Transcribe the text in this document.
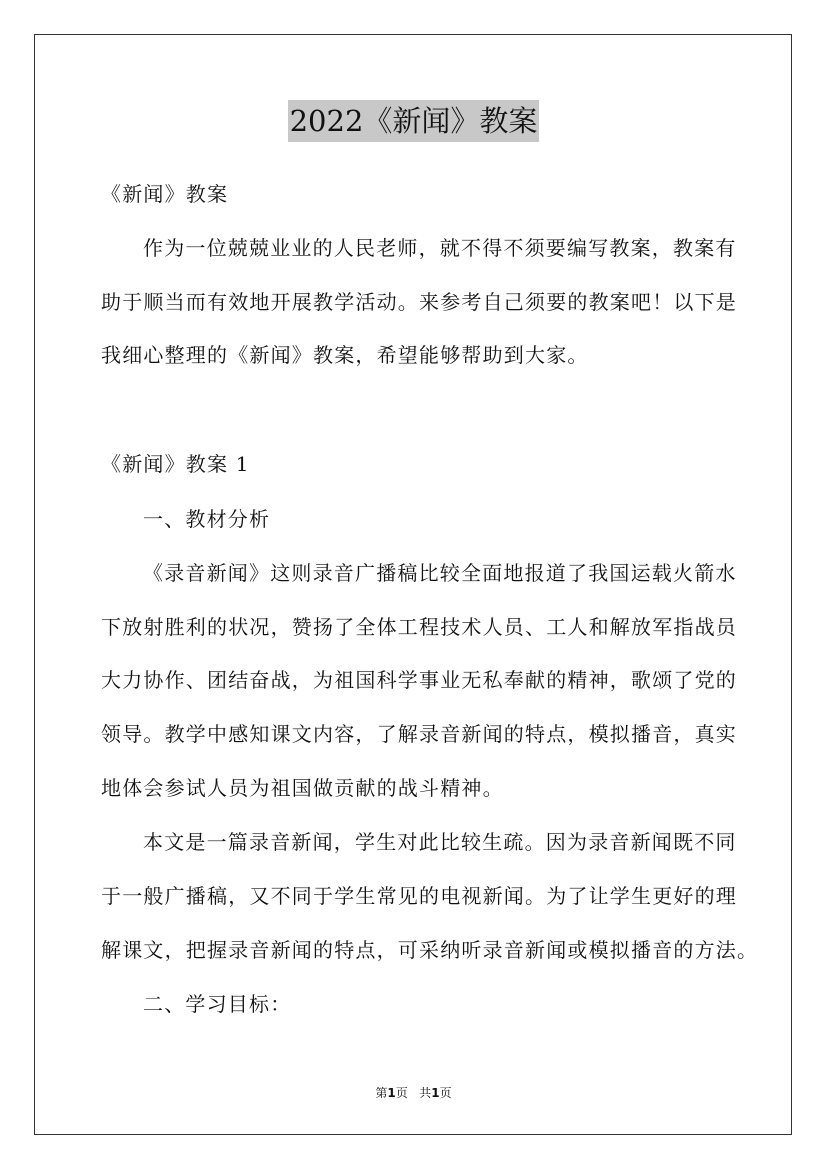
2022《新闻》教案
《新闻》教案
作为一位兢兢业业的人民老师，就不得不须要编写教案，教案有
助于顺当而有效地开展教学活动。来参考自己须要的教案吧！以下是
我细心整理的《新闻》教案，希望能够帮助到大家。
《新闻》教案 1
一、教材分析
《录音新闻》这则录音广播稿比较全面地报道了我国运载火箭水
下放射胜利的状况，赞扬了全体工程技术人员、工人和解放军指战员
大力协作、团结奋战，为祖国科学事业无私奉献的精神，歌颂了党的
领导。教学中感知课文内容，了解录音新闻的特点，模拟播音，真实
地体会参试人员为祖国做贡献的战斗精神。
本文是一篇录音新闻，学生对此比较生疏。因为录音新闻既不同
于一般广播稿，又不同于学生常见的电视新闻。为了让学生更好的理
解课文，把握录音新闻的特点，可采纳听录音新闻或模拟播音的方法。
二、学习目标：
第1页   共1页
